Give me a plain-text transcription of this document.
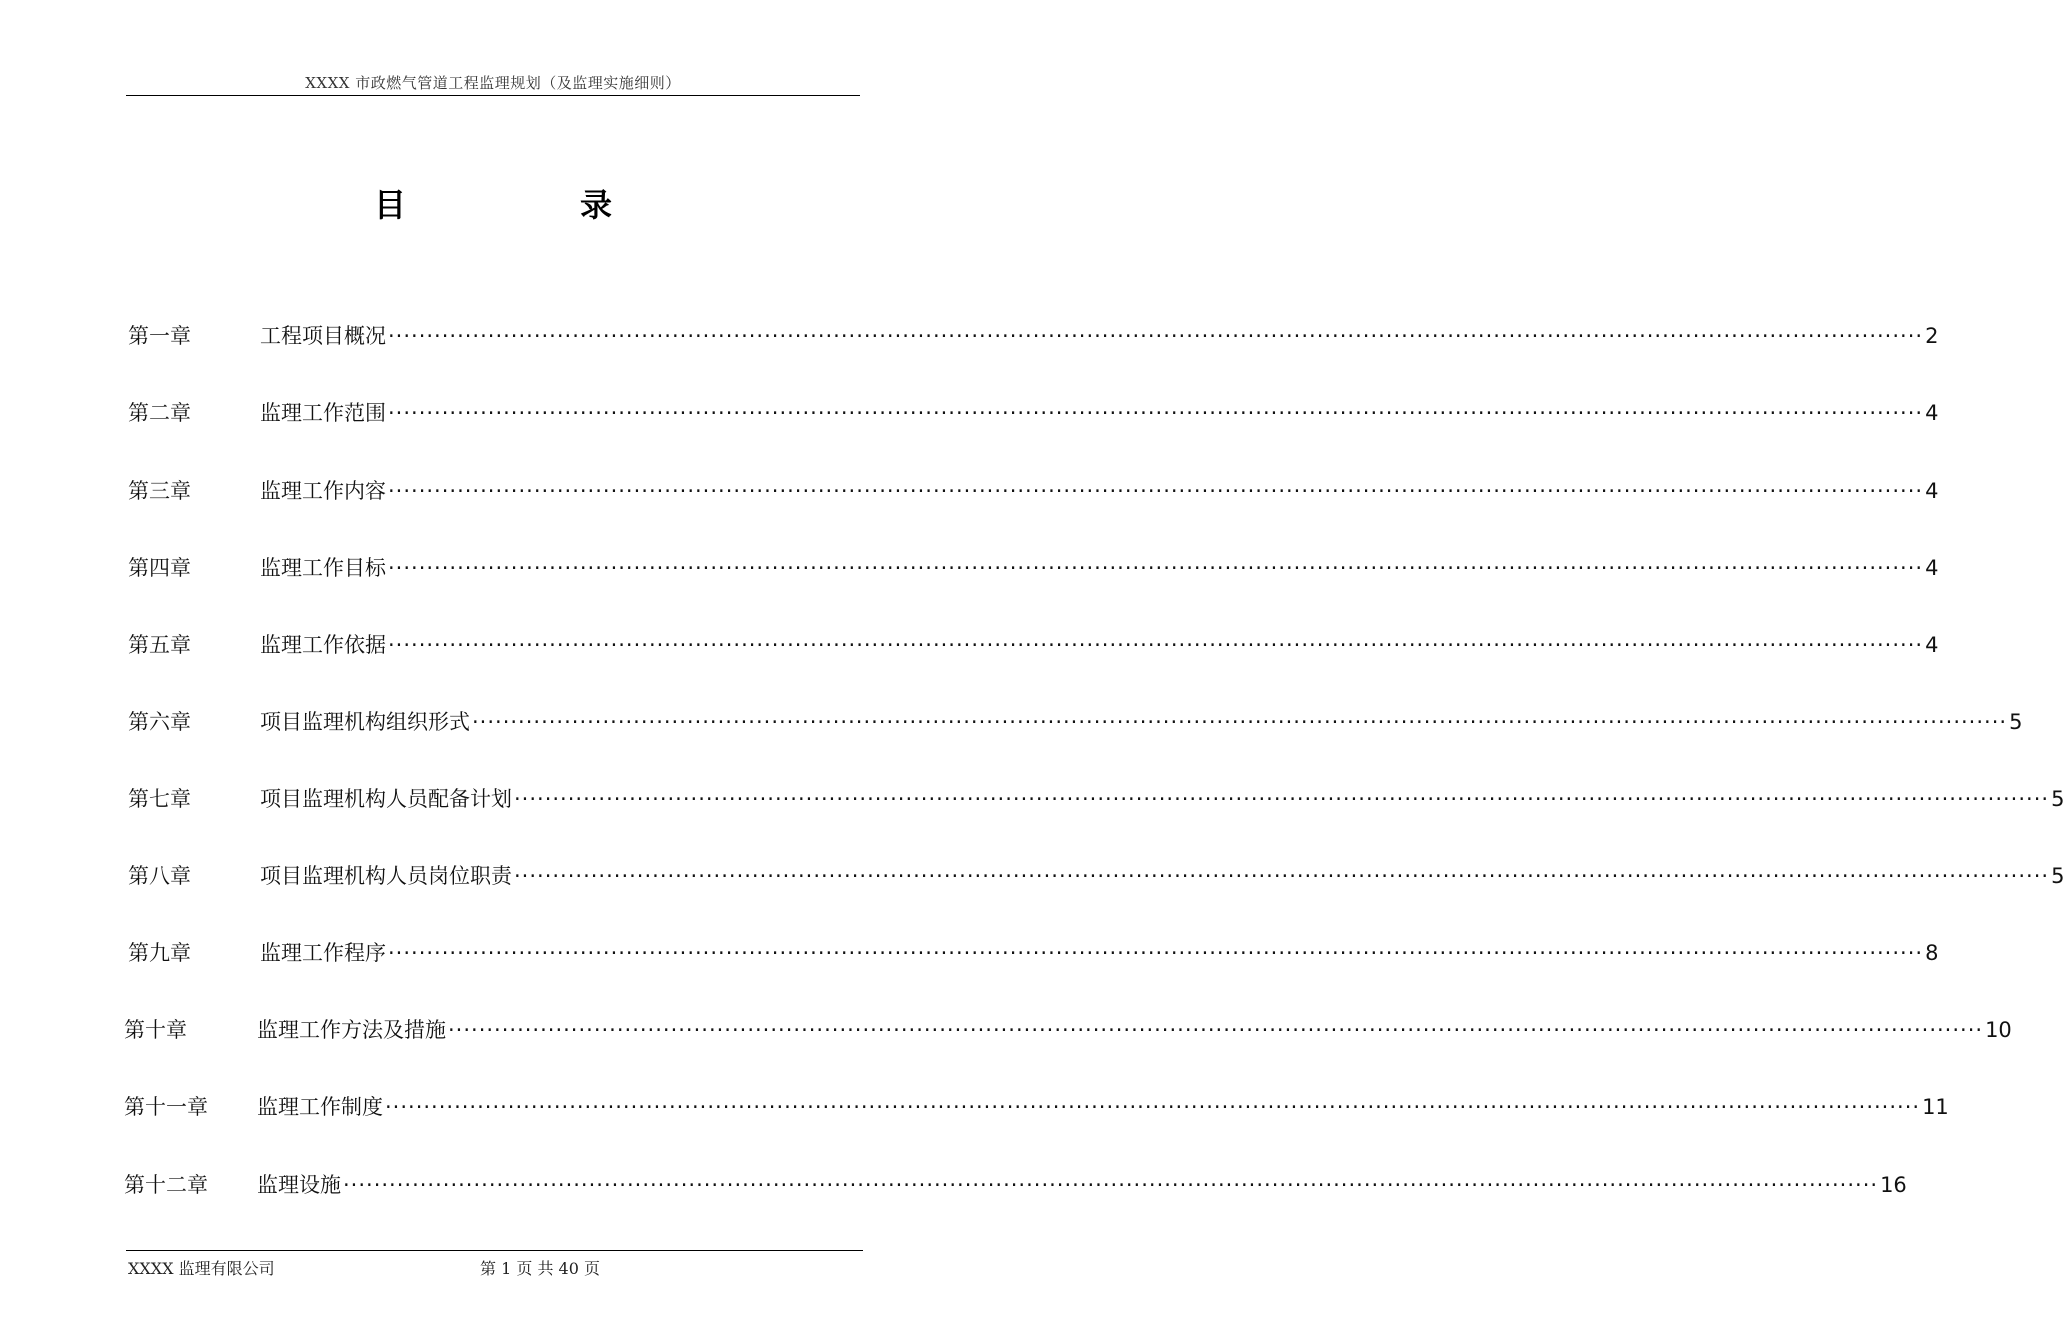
XXXX 市政燃气管道工程监理规划（及监理实施细则）
目	录
第一章	工程项目概况 ········································································································································································································ 2
第二章	监理工作范围 ········································································································································································································ 4
第三章	监理工作内容 ········································································································································································································ 4
第四章	监理工作目标 ········································································································································································································ 4
第五章	监理工作依据 ········································································································································································································ 4
第六章	项目监理机构组织形式 ········································································································································································································ 5
第七章	项目监理机构人员配备计划 ········································································································································································································ 5
第八章	项目监理机构人员岗位职责 ········································································································································································································ 5
第九章	监理工作程序 ········································································································································································································ 8
第十章	监理工作方法及措施 ········································································································································································································ 10
第十一章 监理工作制度 ········································································································································································································ 11
第十二章 监理设施 ········································································································································································································ 16
XXXX 监理有限公司	第 1 页 共 40 页
